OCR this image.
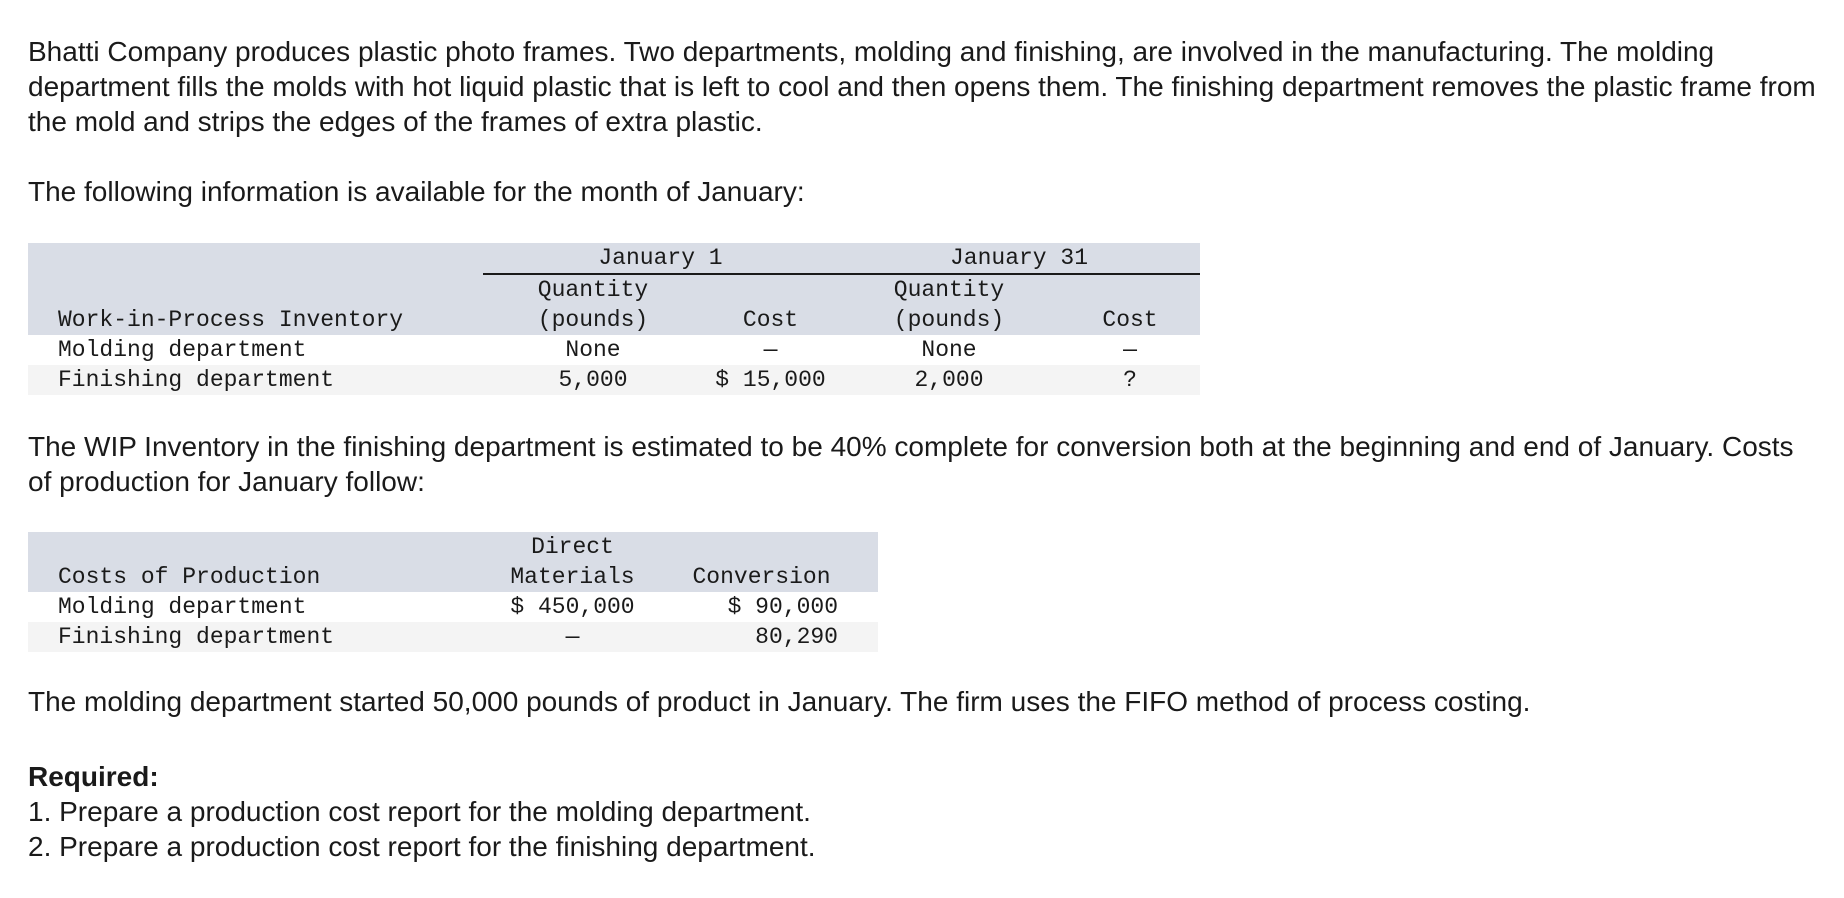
Bhatti Company produces plastic photo frames. Two departments, molding and finishing, are involved in the manufacturing. The molding department fills the molds with hot liquid plastic that is left to cool and then opens them. The finishing department removes the plastic frame from the mold and strips the edges of the frames of extra plastic.

The following information is available for the month of January:

	January 1		January 31	
	Quantity		Quantity	
Work-in-Process Inventory	(pounds)	Cost	(pounds)	Cost
Molding department	None	—	None	—
Finishing department	5,000	$ 15,000	2,000	?

The WIP Inventory in the finishing department is estimated to be 40% complete for conversion both at the beginning and end of January. Costs of production for January follow:

	Direct	
Costs of Production	Materials	Conversion
Molding department	$ 450,000	$ 90,000
Finishing department	—	80,290

The molding department started 50,000 pounds of product in January. The firm uses the FIFO method of process costing.

Required:

1. Prepare a production cost report for the molding department.

2. Prepare a production cost report for the finishing department.
